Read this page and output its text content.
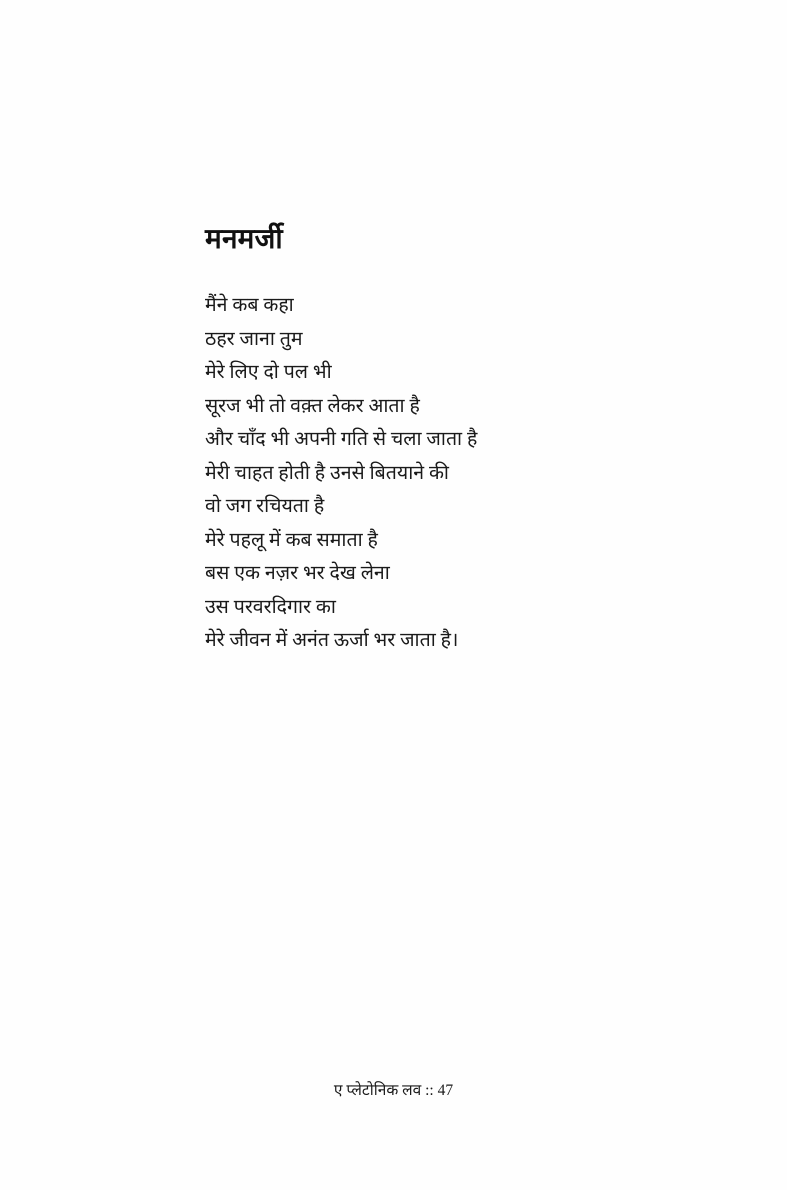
मनमर्जी
मैंने कब कहा
ठहर जाना तुम
मेरे लिए दो पल भी
सूरज भी तो वक़्त लेकर आता है
और चाँद भी अपनी गति से चला जाता है
मेरी चाहत होती है उनसे बितयाने की
वो जग रचियता है
मेरे पहलू में कब समाता है
बस एक नज़र भर देख लेना
उस परवरदिगार का
मेरे जीवन में अनंत ऊर्जा भर जाता है।
ए प्लेटोनिक लव :: 47
